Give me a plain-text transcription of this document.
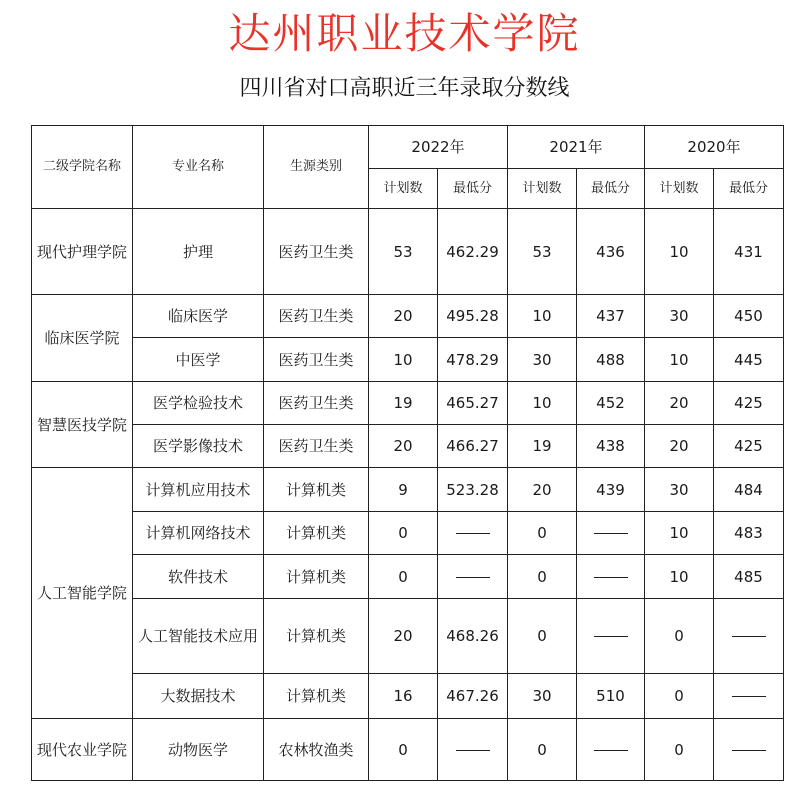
达州职业技术学院
四川省对口高职近三年录取分数线
二级学院名称	专业名称	生源类别	2022年		2021年		2020年	
			计划数	最低分	计划数	最低分	计划数	最低分
现代护理学院	护理	医药卫生类	53	462.29	53	436	10	431
临床医学院	临床医学	医药卫生类	20	495.28	10	437	30	450
	中医学	医药卫生类	10	478.29	30	488	10	445
智慧医技学院	医学检验技术	医药卫生类	19	465.27	10	452	20	425
	医学影像技术	医药卫生类	20	466.27	19	438	20	425
人工智能学院	计算机应用技术	计算机类	9	523.28	20	439	30	484
	计算机网络技术	计算机类	0		0		10	483
	软件技术	计算机类	0		0		10	485
	人工智能技术应用	计算机类	20	468.26	0		0	
	大数据技术	计算机类	16	467.26	30	510	0	
现代农业学院	动物医学	农林牧渔类	0		0		0	
